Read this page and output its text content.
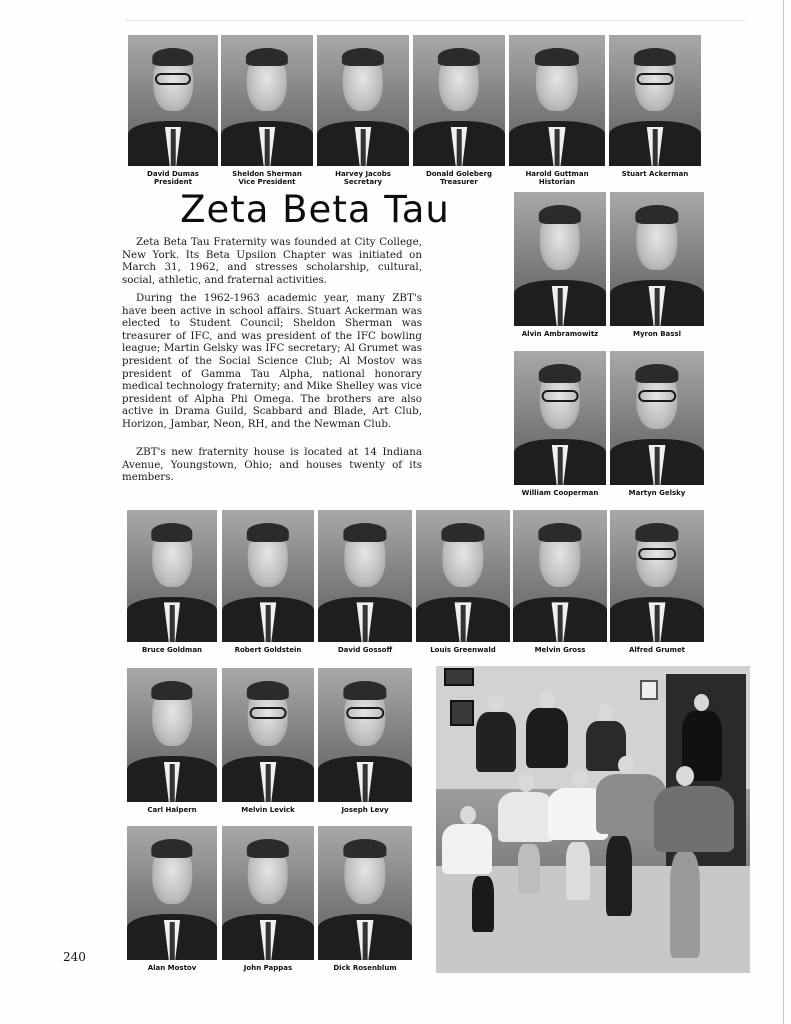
Zeta Beta Tau

Zeta Beta Tau Fraternity was founded at City College, New York. Its Beta Upsilon Chapter was initiated on March 31, 1962, and stresses scholarship, cultural, social, athletic, and fraternal activities.

During the 1962-1963 academic year, many ZBT's have been active in school affairs. Stuart Ackerman was elected to Student Council; Sheldon Sherman was treasurer of IFC, and was president of the IFC bowling league; Martin Gelsky was IFC secretary; Al Grumet was president of the Social Science Club; Al Mostov was president of Gamma Tau Alpha, national honorary medical technology fraternity; and Mike Shelley was vice president of Alpha Phi Omega. The brothers are also active in Drama Guild, Scabbard and Blade, Art Club, Horizon, Jambar, Neon, RH, and the Newman Club.

ZBT's new fraternity house is located at 14 Indiana Avenue, Youngstown, Ohio; and houses twenty of its members.

240
David Dumas
President
Sheldon Sherman
Vice President
Harvey Jacobs
Secretary
Donald Goleberg
Treasurer
Harold Guttman
Historian
Stuart Ackerman
Alvin Ambramowitz	Myron Bassl
William Cooperman	Martyn Gelsky
Bruce Goldman	Robert Goldstein	David Gossoff	Louis Greenwald	Melvin Gross	Alfred Grumet
Carl Halpern	Melvin Levick	Joseph Levy
Alan Mostov	John Pappas	Dick Rosenblum
